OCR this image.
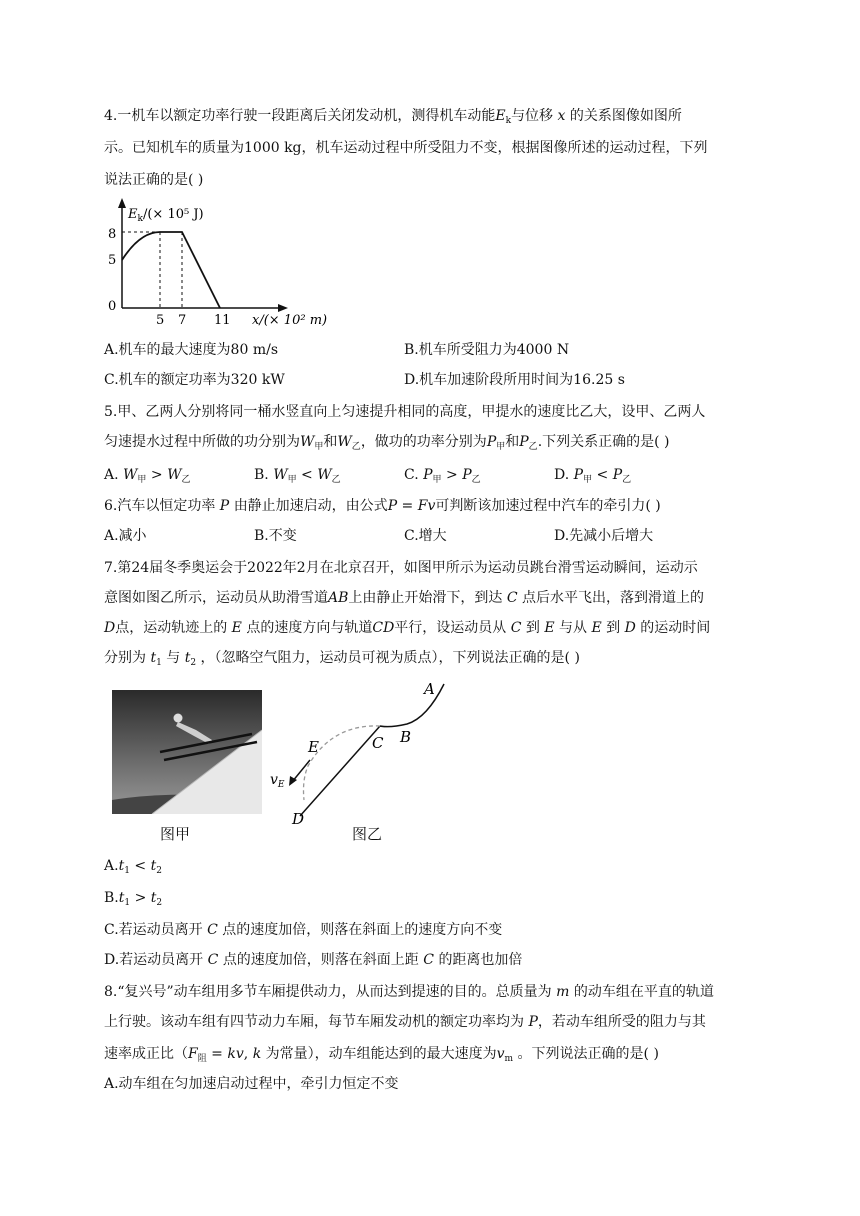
4.一机车以额定功率行驶一段距离后关闭发动机，测得机车动能$E_k$与位移 x 的关系图像如图所
示。已知机车的质量为1000 kg，机车运动过程中所受阻力不变，根据图像所述的运动过程，下列
说法正确的是( )
$E_k/(\times 10^5$ J)
8
5
0
5 7 11 x/(× 10² m)
A.机车的最大速度为80 m/s	B.机车所受阻力为4000 N
C.机车的额定功率为320 kW	D.机车加速阶段所用时间为16.25 s
5.甲、乙两人分别将同一桶水竖直向上匀速提升相同的高度，甲提水的速度比乙大，设甲、乙两人
匀速提水过程中所做的功分别为$W_甲$和$W_乙$，做功的功率分别为$P_甲$和$P_乙$.下列关系正确的是( )
A. $W_甲 > W_乙$	B. $W_甲 < W_乙$	C. $P_甲 > P_乙$	D. $P_甲 < P_乙$
6.汽车以恒定功率 P 由静止加速启动，由公式P = Fv可判断该加速过程中汽车的牵引力( )
A.减小	B.不变	C.增大	D.先减小后增大
7.第24届冬季奥运会于2022年2月在北京召开，如图甲所示为运动员跳台滑雪运动瞬间，运动示
意图如图乙所示，运动员从助滑雪道AB上由静止开始滑下，到达 C 点后水平飞出，落到滑道上的
D点，运动轨迹上的 E 点的速度方向与轨道CD平行，设运动员从 C 到 E 与从 E 到 D 的运动时间
分别为 $t_1$ 与 $t_2$ ，（忽略空气阻力，运动员可视为质点），下列说法正确的是( )
图甲
A
B
C
E
D
$v_E$
图乙
$A.t_1 < t_2$
$B.t_1 > t_2$
C.若运动员离开 C 点的速度加倍，则落在斜面上的速度方向不变
D.若运动员离开 C 点的速度加倍，则落在斜面上距 C 的距离也加倍
8.“复兴号”动车组用多节车厢提供动力，从而达到提速的目的。总质量为 m 的动车组在平直的轨道
上行驶。该动车组有四节动力车厢，每节车厢发动机的额定功率均为 P，若动车组所受的阻力与其
速率成正比（$F_阻$ = kv, k 为常量），动车组能达到的最大速度为$v_m$ 。下列说法正确的是( )
A.动车组在匀加速启动过程中，牵引力恒定不变
